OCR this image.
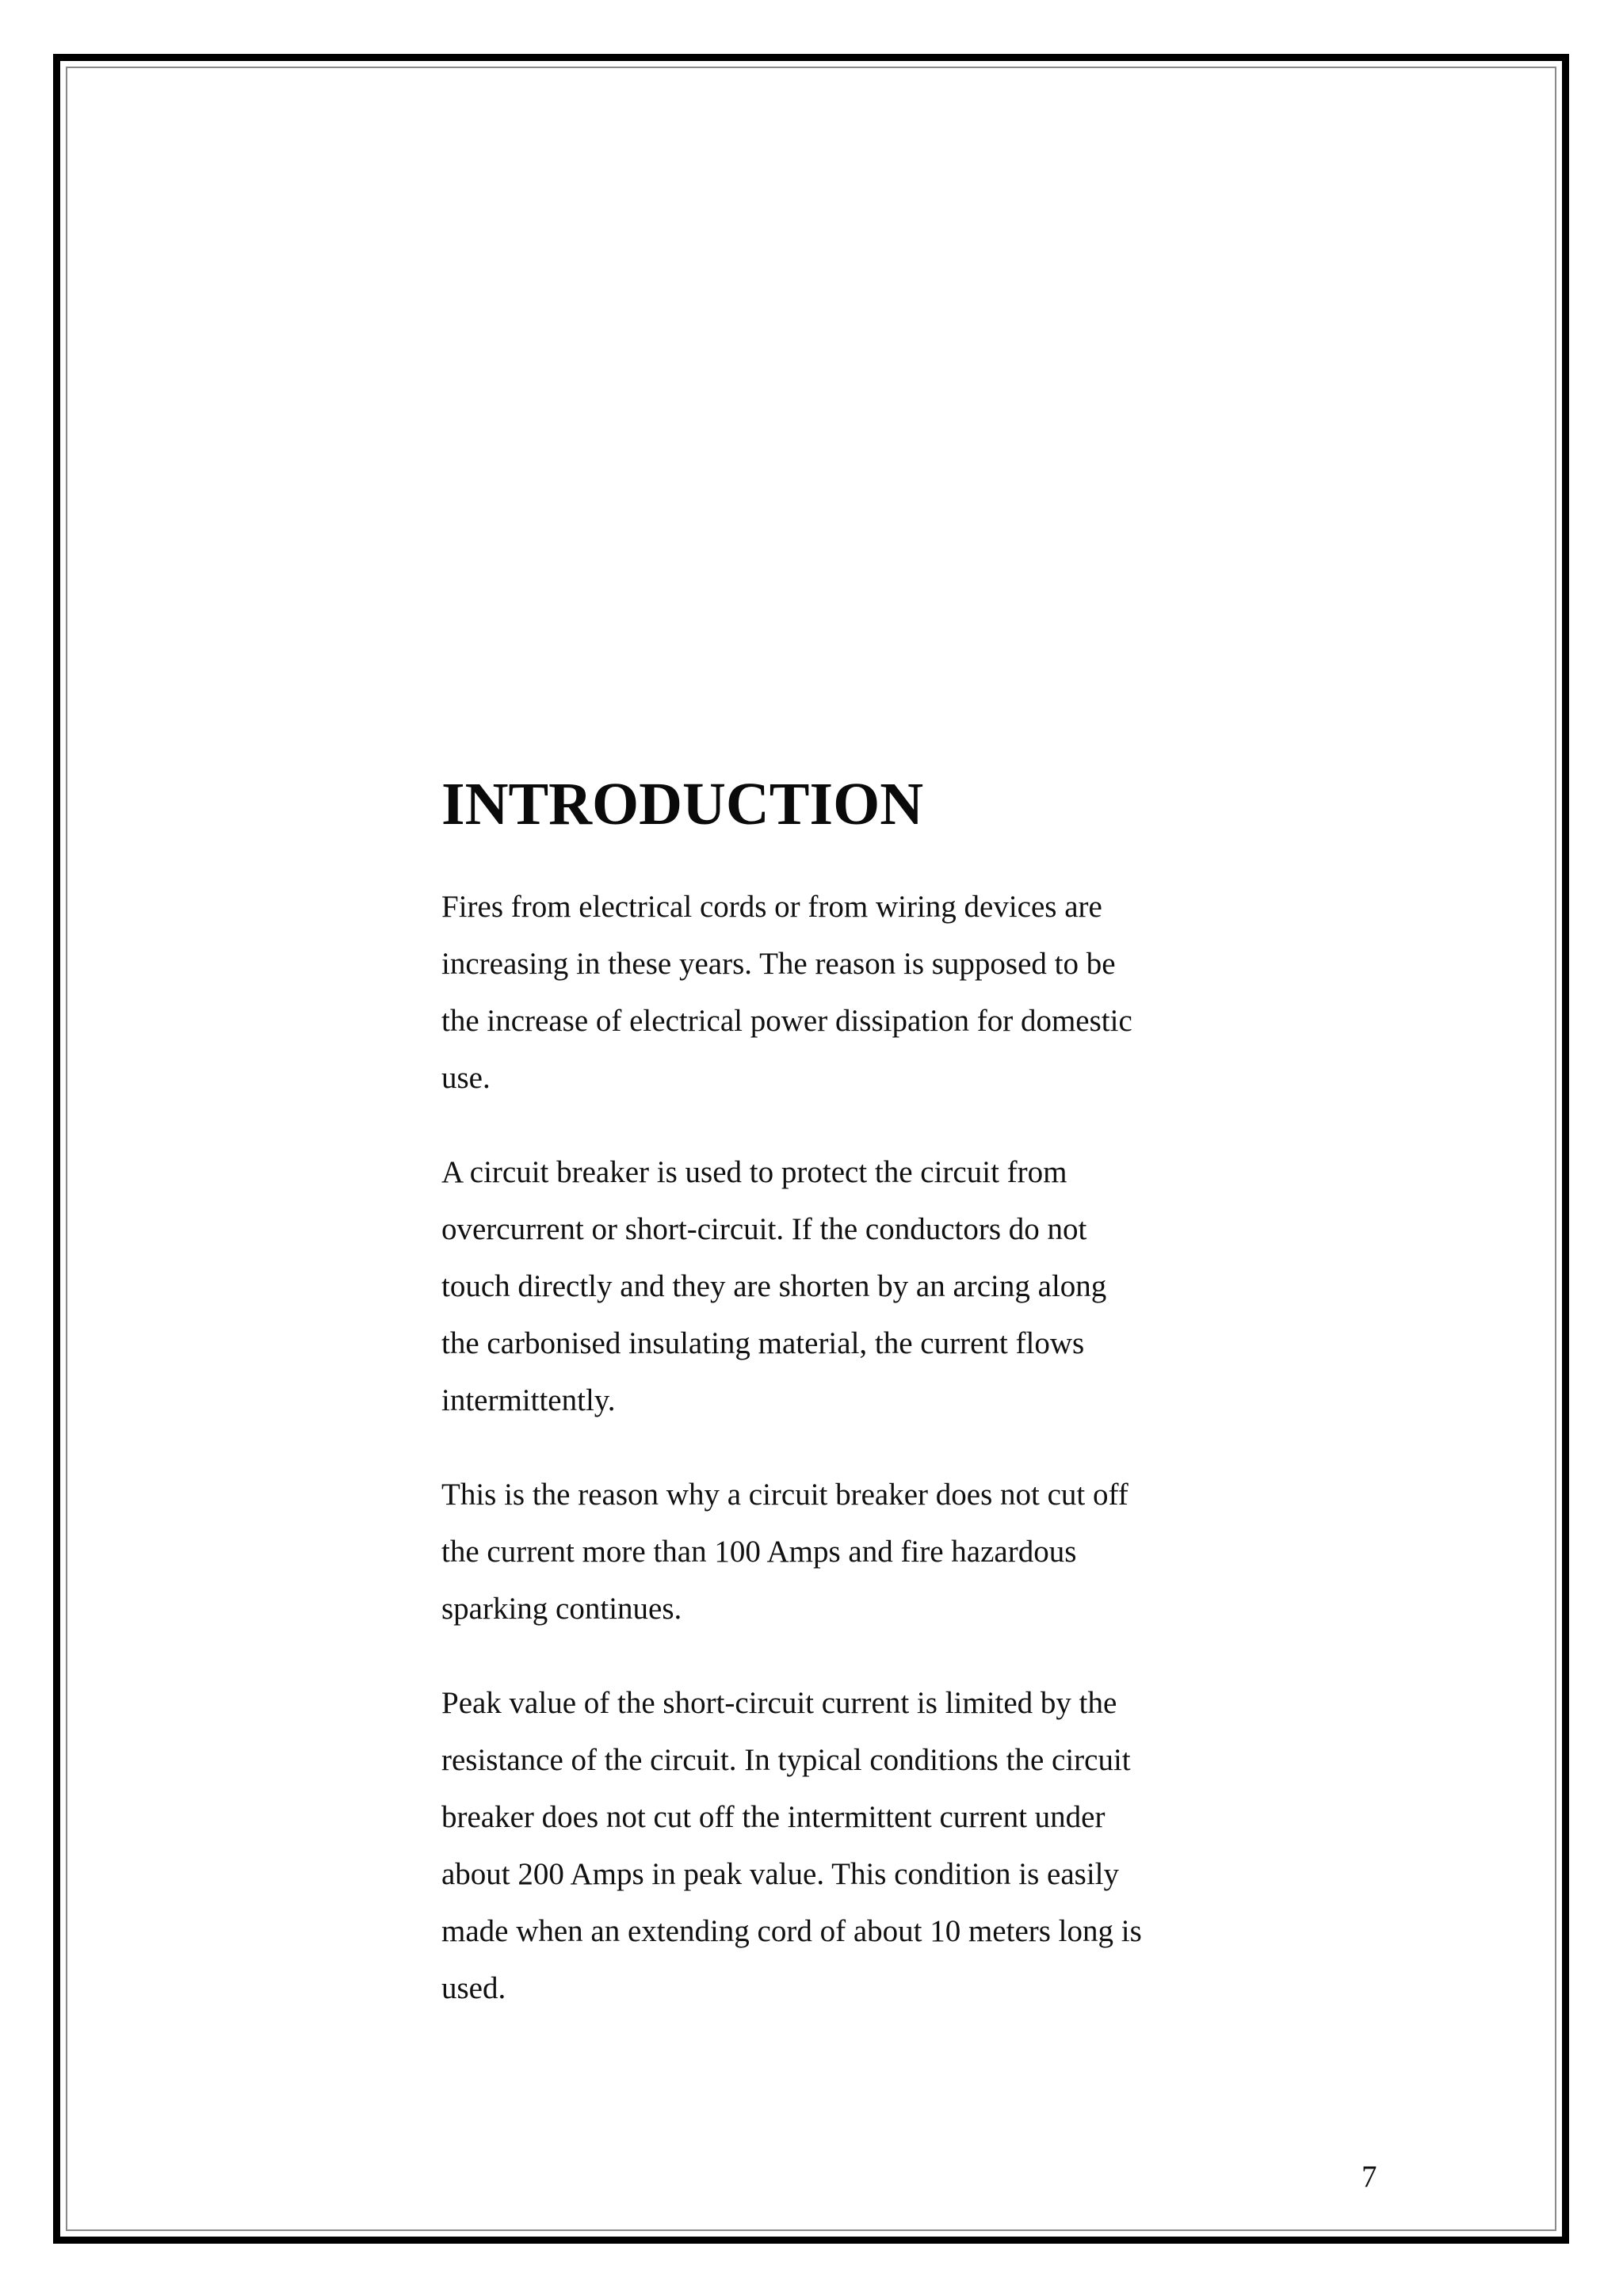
INTRODUCTION

Fires from electrical cords or from wiring devices are
increasing in these years. The reason is supposed to be
the increase of electrical power dissipation for domestic
use.

A circuit breaker is used to protect the circuit from
overcurrent or short-circuit. If the conductors do not
touch directly and they are shorten by an arcing along
the carbonised insulating material, the current flows
intermittently.

This is the reason why a circuit breaker does not cut off
the current more than 100 Amps and fire hazardous
sparking continues.

Peak value of the short-circuit current is limited by the
resistance of the circuit. In typical conditions the circuit
breaker does not cut off the intermittent current under
about 200 Amps in peak value. This condition is easily
made when an extending cord of about 10 meters long is
used.

7
